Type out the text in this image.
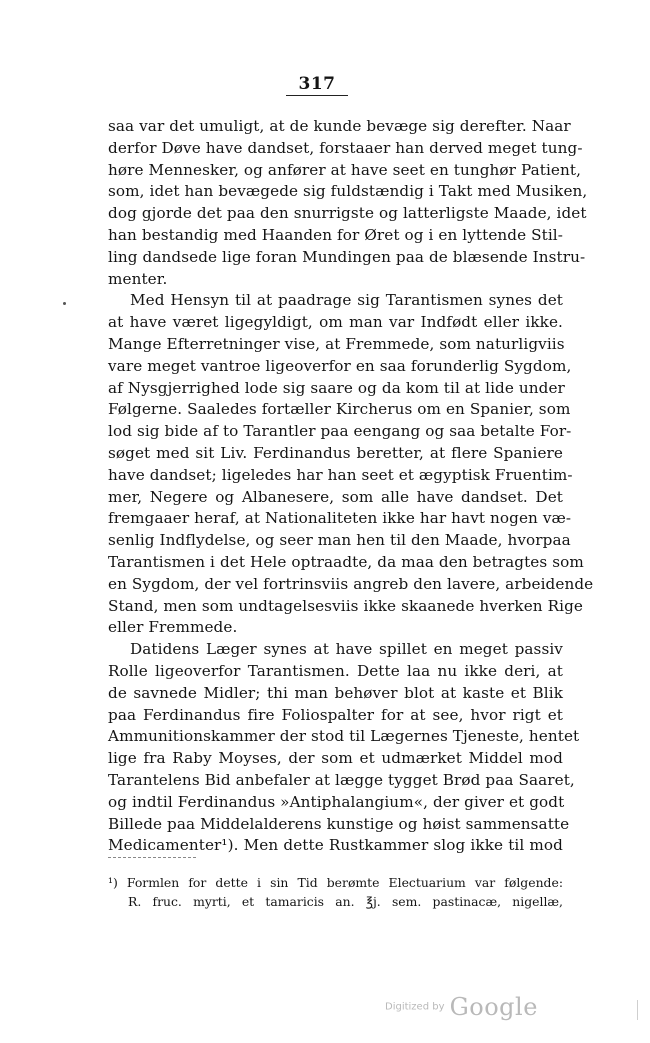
317
saa var det umuligt, at de kunde bevæge sig derefter. Naar
derfor Døve have dandset, forstaaer han derved meget tung-
høre Mennesker, og anfører at have seet en tunghør Patient,
som, idet han bevægede sig fuldstændig i Takt med Musiken,
dog gjorde det paa den snurrigste og latterligste Maade, idet
han bestandig med Haanden for Øret og i en lyttende Stil-
ling dandsede lige foran Mundingen paa de blæsende Instru-
menter.
Med Hensyn til at paadrage sig Tarantismen synes det
at have været ligegyldigt, om man var Indfødt eller ikke.
Mange Efterretninger vise, at Fremmede, som naturligviis
vare meget vantroe ligeoverfor en saa forunderlig Sygdom,
af Nysgjerrighed lode sig saare og da kom til at lide under
Følgerne. Saaledes fortæller Kircherus om en Spanier, som
lod sig bide af to Tarantler paa eengang og saa betalte For-
søget med sit Liv. Ferdinandus beretter, at flere Spaniere
have dandset; ligeledes har han seet et ægyptisk Fruentim-
mer, Negere og Albanesere, som alle have dandset. Det
fremgaaer heraf, at Nationaliteten ikke har havt nogen væ-
senlig Indflydelse, og seer man hen til den Maade, hvorpaa
Tarantismen i det Hele optraadte, da maa den betragtes som
en Sygdom, der vel fortrinsviis angreb den lavere, arbeidende
Stand, men som undtagelsesviis ikke skaanede hverken Rige
eller Fremmede.
Datidens Læger synes at have spillet en meget passiv
Rolle ligeoverfor Tarantismen. Dette laa nu ikke deri, at
de savnede Midler; thi man behøver blot at kaste et Blik
paa Ferdinandus fire Foliospalter for at see, hvor rigt et
Ammunitionskammer der stod til Lægernes Tjeneste, hentet
lige fra Raby Moyses, der som et udmærket Middel mod
Tarantelens Bid anbefaler at lægge tygget Brød paa Saaret,
og indtil Ferdinandus »Antiphalangium«, der giver et godt
Billede paa Middelalderens kunstige og høist sammensatte
Medicamenter¹). Men dette Rustkammer slog ikke til mod
¹) Formlen for dette i sin Tid berømte Electuarium var følgende:
R. fruc. myrti, et tamaricis an. ℥j. sem. pastinacæ, nigellæ,
Digitized by Google
